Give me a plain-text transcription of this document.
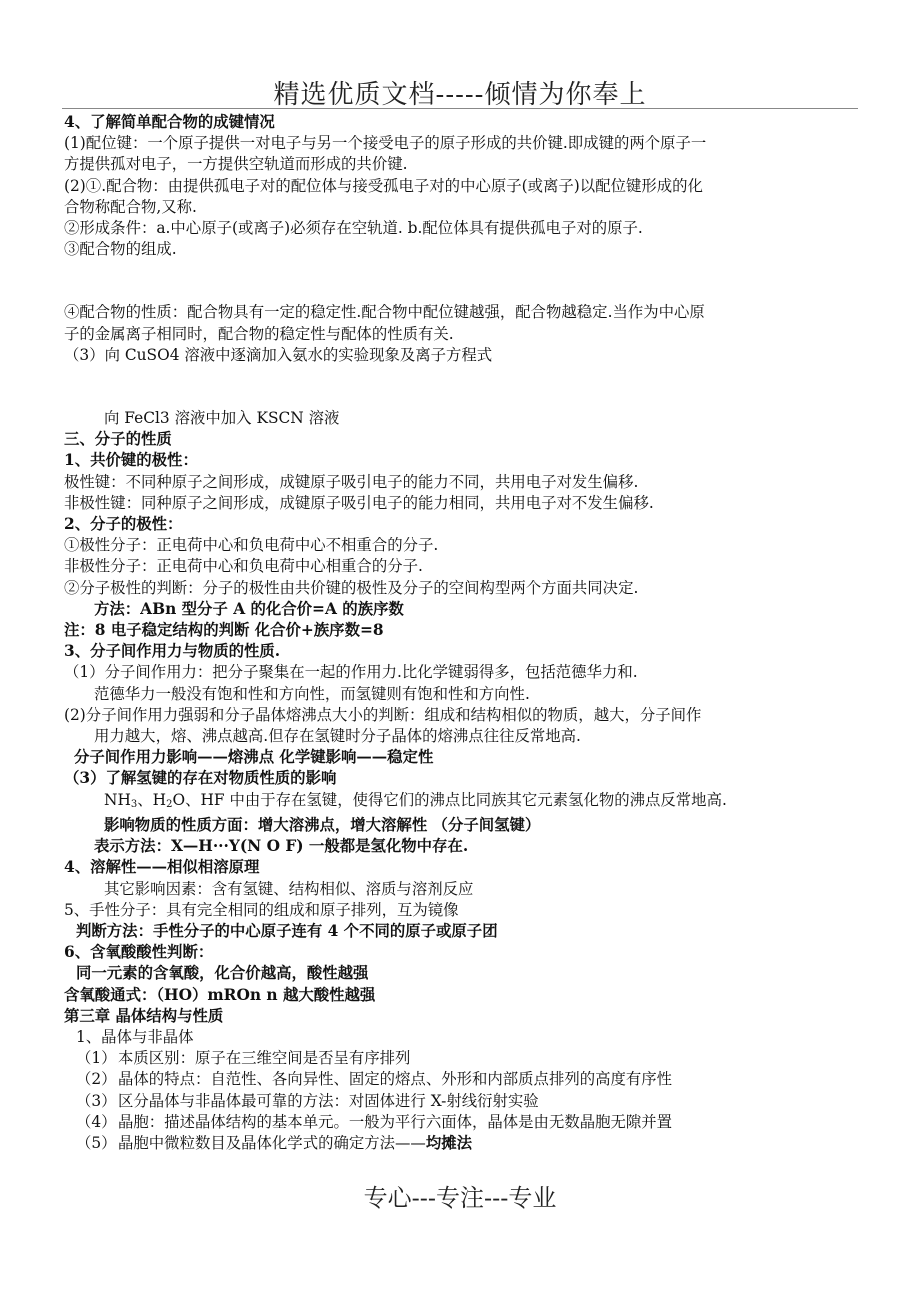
精选优质文档-----倾情为你奉上
4、了解简单配合物的成键情况
(1)配位键：一个原子提供一对电子与另一个接受电子的原子形成的共价键.即成键的两个原子一
方提供孤对电子，一方提供空轨道而形成的共价键.
(2)①.配合物：由提供孤电子对的配位体与接受孤电子对的中心原子(或离子)以配位键形成的化
合物称配合物,又称.
②形成条件：a.中心原子(或离子)必须存在空轨道. b.配位体具有提供孤电子对的原子.
③配合物的组成.
④配合物的性质：配合物具有一定的稳定性.配合物中配位键越强，配合物越稳定.当作为中心原
子的金属离子相同时，配合物的稳定性与配体的性质有关.
（3）向 CuSO4 溶液中逐滴加入氨水的实验现象及离子方程式
向 FeCl3 溶液中加入 KSCN 溶液
三、分子的性质
1、共价键的极性：
极性键：不同种原子之间形成，成键原子吸引电子的能力不同，共用电子对发生偏移.
非极性键：同种原子之间形成，成键原子吸引电子的能力相同，共用电子对不发生偏移.
2、分子的极性：
①极性分子：正电荷中心和负电荷中心不相重合的分子.
非极性分子：正电荷中心和负电荷中心相重合的分子.
②分子极性的判断：分子的极性由共价键的极性及分子的空间构型两个方面共同决定.
方法：ABn 型分子 A 的化合价=A 的族序数
注：8 电子稳定结构的判断 化合价+族序数=8
3、分子间作用力与物质的性质.
（1）分子间作用力：把分子聚集在一起的作用力.比化学键弱得多，包括范德华力和.
范德华力一般没有饱和性和方向性，而氢键则有饱和性和方向性.
(2)分子间作用力强弱和分子晶体熔沸点大小的判断：组成和结构相似的物质，越大，分子间作
用力越大，熔、沸点越高.但存在氢键时分子晶体的熔沸点往往反常地高.
分子间作用力影响——熔沸点 化学键影响——稳定性
（3）了解氢键的存在对物质性质的影响
$NH_3$、$H_2O$、HF 中由于存在氢键，使得它们的沸点比同族其它元素氢化物的沸点反常地高.
影响物质的性质方面：增大溶沸点，增大溶解性 （分子间氢键）
表示方法：X—H···Y(N O F) 一般都是氢化物中存在.
4、溶解性——相似相溶原理
其它影响因素：含有氢键、结构相似、溶质与溶剂反应
5、手性分子：具有完全相同的组成和原子排列，互为镜像
判断方法：手性分子的中心原子连有 4 个不同的原子或原子团
6、含氧酸酸性判断：
同一元素的含氧酸，化合价越高，酸性越强
含氧酸通式：（HO）mROn n 越大酸性越强
第三章 晶体结构与性质
1、晶体与非晶体
（1）本质区别：原子在三维空间是否呈有序排列
（2）晶体的特点：自范性、各向异性、固定的熔点、外形和内部质点排列的高度有序性
（3）区分晶体与非晶体最可靠的方法：对固体进行 X-射线衍射实验
（4）晶胞：描述晶体结构的基本单元。一般为平行六面体，晶体是由无数晶胞无隙并置
（5）晶胞中微粒数目及晶体化学式的确定方法——均摊法
专心---专注---专业
